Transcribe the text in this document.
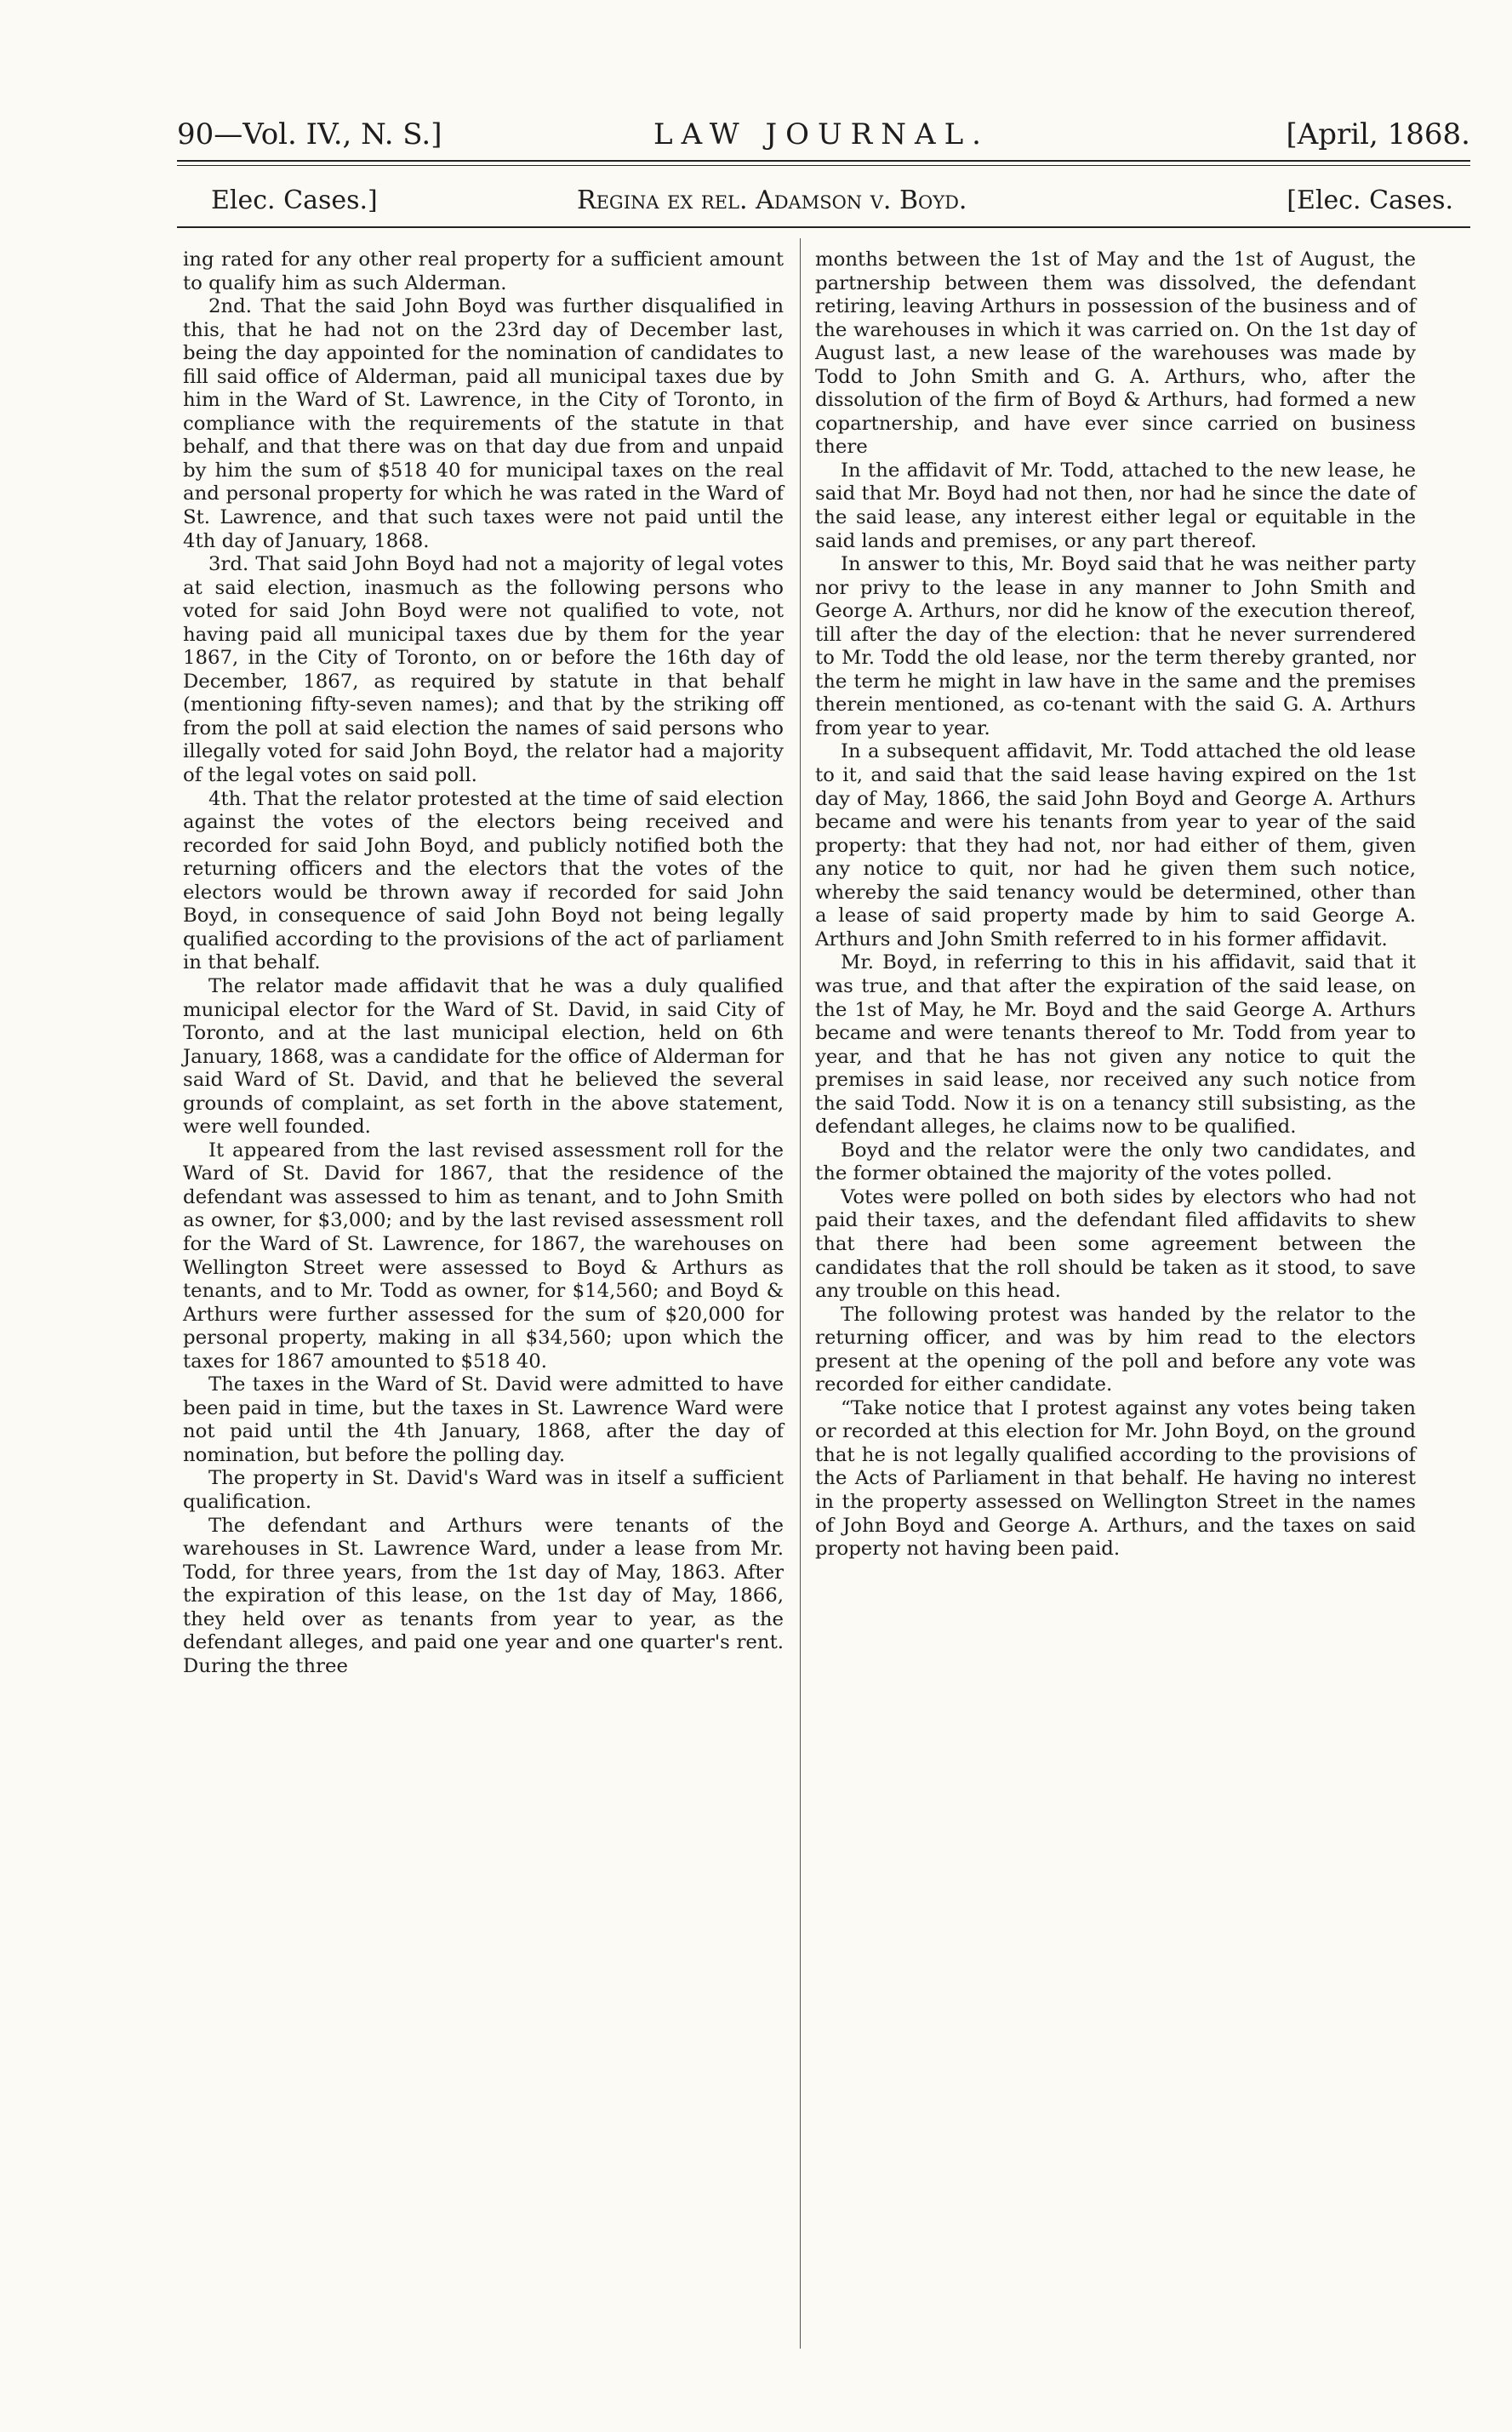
90—Vol. IV., N. S.]	LAW JOURNAL.	[April, 1868.
Elec. Cases.]	Regina ex rel. Adamson v. Boyd.	[Elec. Cases.

ing rated for any other real property for a sufficient amount to qualify him as such Alderman.

2nd. That the said John Boyd was further disqualified in this, that he had not on the 23rd day of December last, being the day appointed for the nomination of candidates to fill said office of Alderman, paid all municipal taxes due by him in the Ward of St. Lawrence, in the City of Toronto, in compliance with the requirements of the statute in that behalf, and that there was on that day due from and unpaid by him the sum of $518 40 for municipal taxes on the real and personal property for which he was rated in the Ward of St. Lawrence, and that such taxes were not paid until the 4th day of January, 1868.

3rd. That said John Boyd had not a majority of legal votes at said election, inasmuch as the following persons who voted for said John Boyd were not qualified to vote, not having paid all municipal taxes due by them for the year 1867, in the City of Toronto, on or before the 16th day of December, 1867, as required by statute in that behalf (mentioning fifty-seven names); and that by the striking off from the poll at said election the names of said persons who illegally voted for said John Boyd, the relator had a majority of the legal votes on said poll.

4th. That the relator protested at the time of said election against the votes of the electors being received and recorded for said John Boyd, and publicly notified both the returning officers and the electors that the votes of the electors would be thrown away if recorded for said John Boyd, in consequence of said John Boyd not being legally qualified according to the provisions of the act of parliament in that behalf.

The relator made affidavit that he was a duly qualified municipal elector for the Ward of St. David, in said City of Toronto, and at the last municipal election, held on 6th January, 1868, was a candidate for the office of Alderman for said Ward of St. David, and that he believed the several grounds of complaint, as set forth in the above statement, were well founded.

It appeared from the last revised assessment roll for the Ward of St. David for 1867, that the residence of the defendant was assessed to him as tenant, and to John Smith as owner, for $3,000; and by the last revised assessment roll for the Ward of St. Lawrence, for 1867, the warehouses on Wellington Street were assessed to Boyd & Arthurs as tenants, and to Mr. Todd as owner, for $14,560; and Boyd & Arthurs were further assessed for the sum of $20,000 for personal property, making in all $34,560; upon which the taxes for 1867 amounted to $518 40.

The taxes in the Ward of St. David were admitted to have been paid in time, but the taxes in St. Lawrence Ward were not paid until the 4th January, 1868, after the day of nomination, but before the polling day.

The property in St. David's Ward was in itself a sufficient qualification.

The defendant and Arthurs were tenants of the warehouses in St. Lawrence Ward, under a lease from Mr. Todd, for three years, from the 1st day of May, 1863. After the expiration of this lease, on the 1st day of May, 1866, they held over as tenants from year to year, as the defendant alleges, and paid one year and one quarter's rent. During the three

months between the 1st of May and the 1st of August, the partnership between them was dissolved, the defendant retiring, leaving Arthurs in possession of the business and of the warehouses in which it was carried on. On the 1st day of August last, a new lease of the warehouses was made by Todd to John Smith and G. A. Arthurs, who, after the dissolution of the firm of Boyd & Arthurs, had formed a new copartnership, and have ever since carried on business there

In the affidavit of Mr. Todd, attached to the new lease, he said that Mr. Boyd had not then, nor had he since the date of the said lease, any interest either legal or equitable in the said lands and premises, or any part thereof.

In answer to this, Mr. Boyd said that he was neither party nor privy to the lease in any manner to John Smith and George A. Arthurs, nor did he know of the execution thereof, till after the day of the election: that he never surrendered to Mr. Todd the old lease, nor the term thereby granted, nor the term he might in law have in the same and the premises therein mentioned, as co-tenant with the said G. A. Arthurs from year to year.

In a subsequent affidavit, Mr. Todd attached the old lease to it, and said that the said lease having expired on the 1st day of May, 1866, the said John Boyd and George A. Arthurs became and were his tenants from year to year of the said property: that they had not, nor had either of them, given any notice to quit, nor had he given them such notice, whereby the said tenancy would be determined, other than a lease of said property made by him to said George A. Arthurs and John Smith referred to in his former affidavit.

Mr. Boyd, in referring to this in his affidavit, said that it was true, and that after the expiration of the said lease, on the 1st of May, he Mr. Boyd and the said George A. Arthurs became and were tenants thereof to Mr. Todd from year to year, and that he has not given any notice to quit the premises in said lease, nor received any such notice from the said Todd. Now it is on a tenancy still subsisting, as the defendant alleges, he claims now to be qualified.

Boyd and the relator were the only two candidates, and the former obtained the majority of the votes polled.

Votes were polled on both sides by electors who had not paid their taxes, and the defendant filed affidavits to shew that there had been some agreement between the candidates that the roll should be taken as it stood, to save any trouble on this head.

The following protest was handed by the relator to the returning officer, and was by him read to the electors present at the opening of the poll and before any vote was recorded for either candidate.

“Take notice that I protest against any votes being taken or recorded at this election for Mr. John Boyd, on the ground that he is not legally qualified according to the provisions of the Acts of Parliament in that behalf. He having no interest in the property assessed on Wellington Street in the names of John Boyd and George A. Arthurs, and the taxes on said property not having been paid.
